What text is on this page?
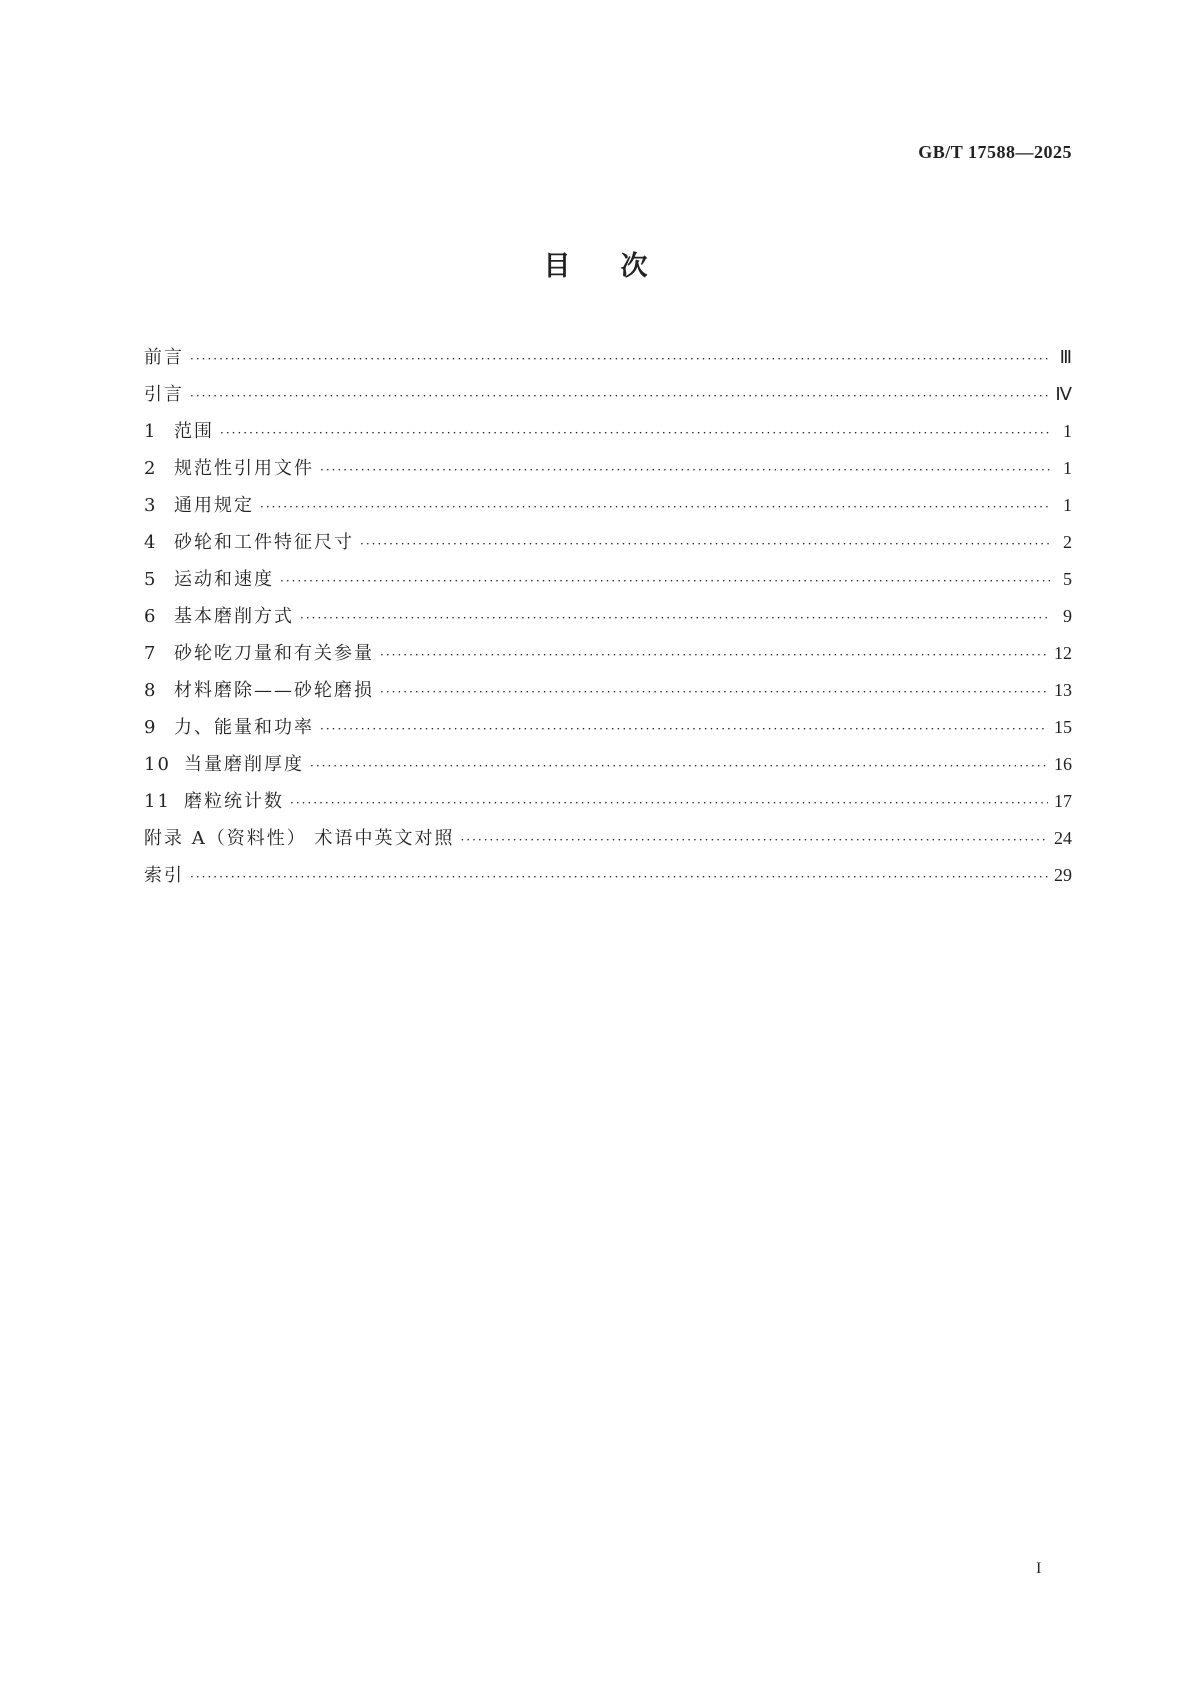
GB/T 17588—2025
目次
前言 ·····	Ⅲ
引言 ·····	Ⅳ
1 范围 ·····	1
2 规范性引用文件 ·····	1
3 通用规定 ·····	1
4 砂轮和工件特征尺寸 ·····	2
5 运动和速度 ·····	5
6 基本磨削方式 ·····	9
7 砂轮吃刀量和有关参量 ·····	12
8 材料磨除——砂轮磨损 ·····	13
9 力、能量和功率 ·····	15
10 当量磨削厚度 ·····	16
11 磨粒统计数 ·····	17
附录 A（资料性） 术语中英文对照 ·····	24
索引 ·····	29
I
